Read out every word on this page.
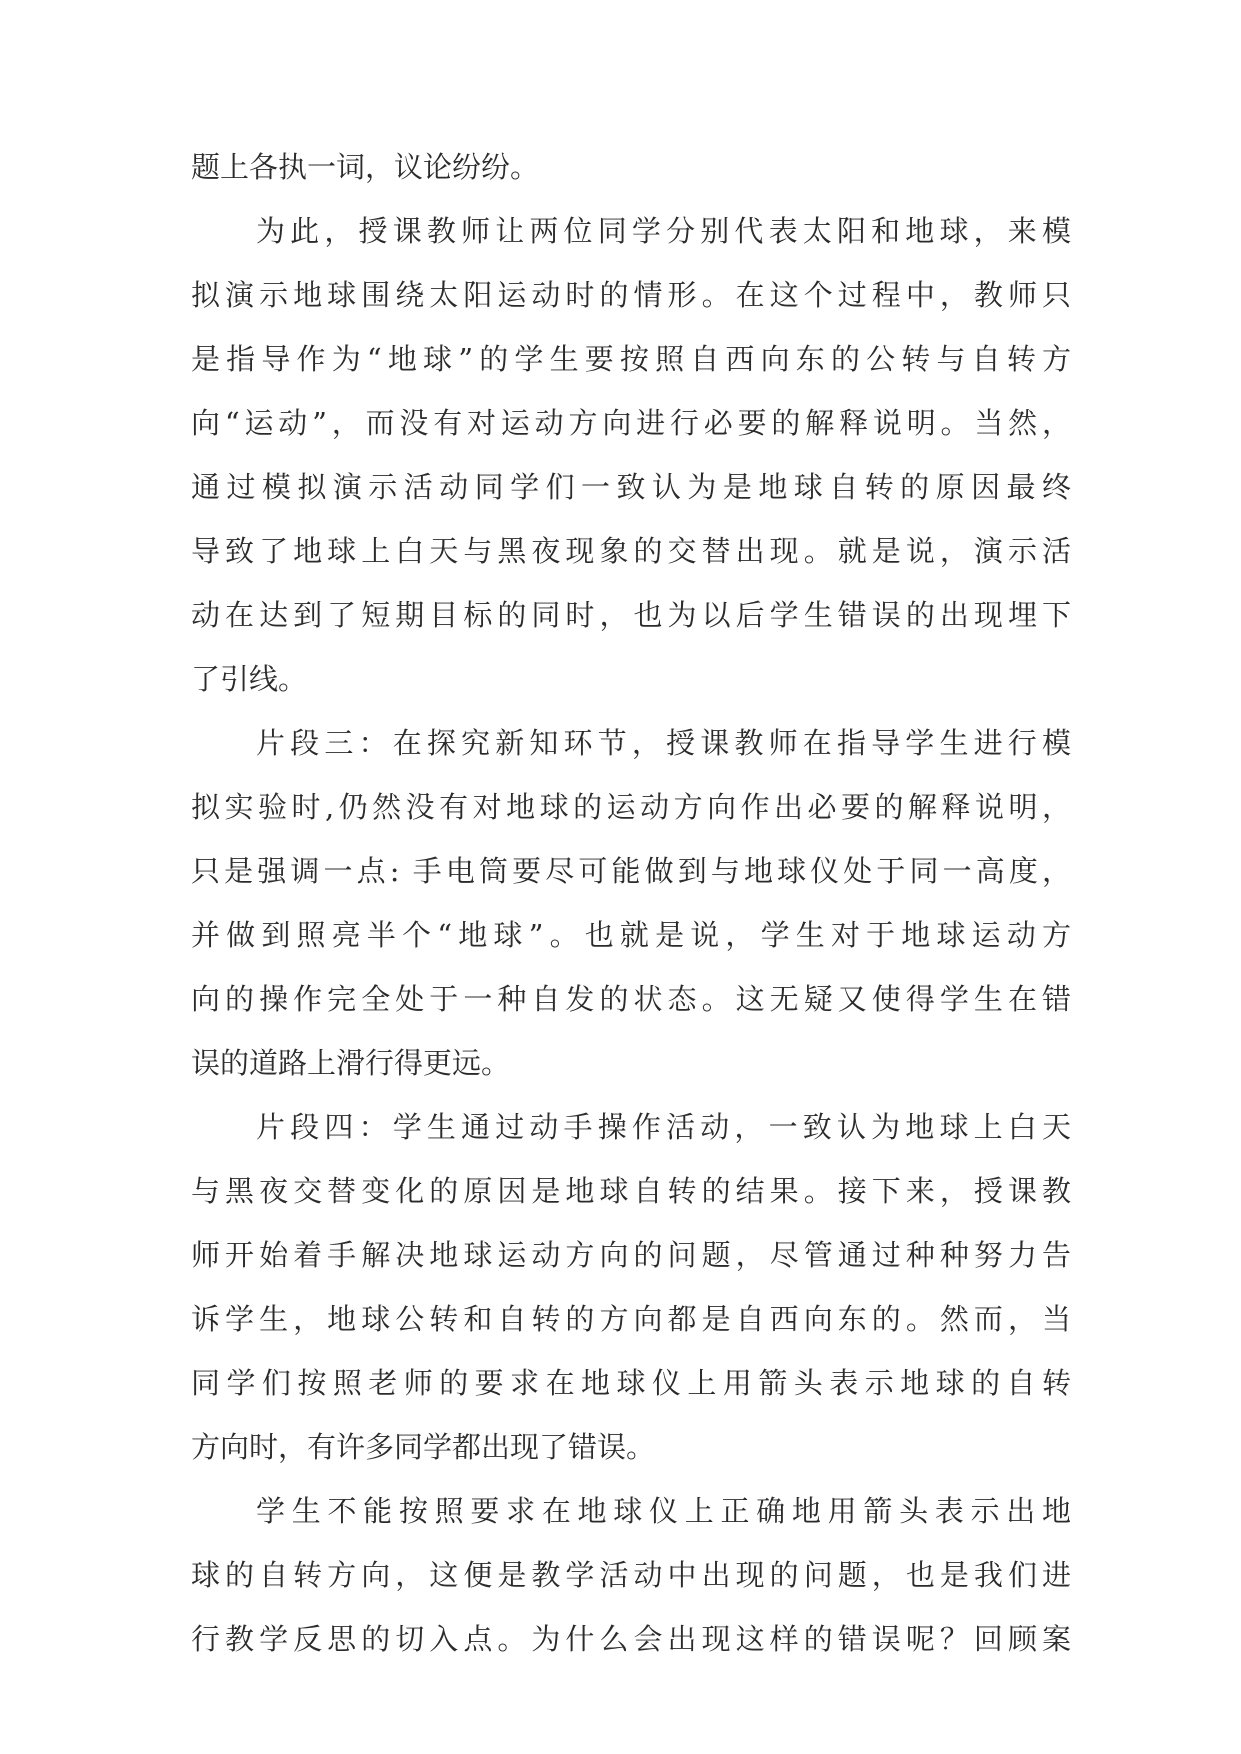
题上各执一词，议论纷纷。

为此，授课教师让两位同学分别代表太阳和地球，来模

拟演示地球围绕太阳运动时的情形。在这个过程中，教师只

是指导作为“地球”的学生要按照自西向东的公转与自转方

向“运动”，而没有对运动方向进行必要的解释说明。当然，

通过模拟演示活动同学们一致认为是地球自转的原因最终

导致了地球上白天与黑夜现象的交替出现。就是说，演示活

动在达到了短期目标的同时，也为以后学生错误的出现埋下

了引线。

片段三：在探究新知环节，授课教师在指导学生进行模

拟实验时,仍然没有对地球的运动方向作出必要的解释说明，

只是强调一点: 手电筒要尽可能做到与地球仪处于同一高度，

并做到照亮半个“地球”。也就是说，学生对于地球运动方

向的操作完全处于一种自发的状态。这无疑又使得学生在错

误的道路上滑行得更远。

片段四：学生通过动手操作活动，一致认为地球上白天

与黑夜交替变化的原因是地球自转的结果。接下来，授课教

师开始着手解决地球运动方向的问题，尽管通过种种努力告

诉学生，地球公转和自转的方向都是自西向东的。然而，当

同学们按照老师的要求在地球仪上用箭头表示地球的自转

方向时，有许多同学都出现了错误。

学生不能按照要求在地球仪上正确地用箭头表示出地

球的自转方向，这便是教学活动中出现的问题，也是我们进

行教学反思的切入点。为什么会出现这样的错误呢？回顾案
